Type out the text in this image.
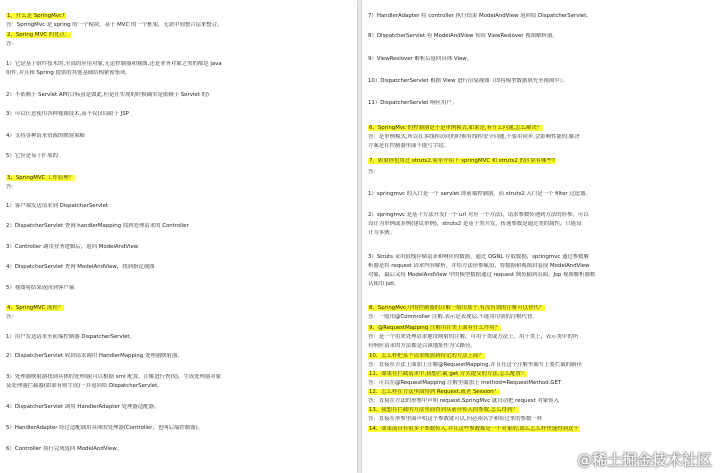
1、什么是 SpringMvc?
答：SpringMvc 是 spring 的一个模块，基于 MVC 的一个框架，无需中间整合层来整合。
2、Spring MVC 的优点：
答：
1）它是基于组件技术的,全部的应用对象,无论控制器和视图,还是业务对象之类的都是 java
组件,并且和 Spring 提供的其他基础结构紧密集成.
2）不依赖于 Servlet API(目标虽是如此,但是在实现的时候确实是依赖于 Servlet 的)
3）可以任意使用各种视图技术,而不仅仅局限于 JSP
4）支持各种请求资源的映射策略
5）它应是易于扩展的
3、SpringMVC 工作原理？
答：
1）客户端发送请求到 DispatcherServlet
2）DispatcherServlet 查询 handlerMapping 找到处理请求的 Controller
3）Controller 调用业务逻辑后，返回 ModelAndView
4）DispatcherServlet 查询 ModelAndView，找到指定视图
5）视图将结果返回到客户端
4、SpringMVC 流程？
答：
1）用户发送请求至前端控制器 DispatcherServlet。
2）DispatcherServlet 收到请求调用 HandlerMapping 处理器映射器。
3）处理器映射器找到具体的处理器(可以根据 xml 配置、注解进行查找)，生成处理器对象
及处理器拦截器(如果有则生成)一并返回给 DispatcherServlet。
4）DispatcherServlet 调用 HandlerAdapter 处理器适配器。
5）HandlerAdapter 经过适配调用具体的处理器(Controller，也叫后端控制器)。
6）Controller 执行完成返回 ModelAndView。
7）HandlerAdapter 将 controller 执行结果 ModelAndView 返回给 DispatcherServlet。
8）DispatcherServlet 将 ModelAndView 传给 ViewReslover 视图解析器。
9）ViewReslover 解析后返回具体 View。
10）DispatcherServlet 根据 View 进行渲染视图（即将模型数据填充至视图中）。
11）DispatcherServlet 响应用户。
6、SpringMvc 的控制器是不是单例模式,如果是,有什么问题,怎么解决？
答：是单例模式,所以在多线程访问的时候有线程安全问题,不要用同步,会影响性能的,解决
方案是在控制器里面不能写字段。
7、如果你也用过 struts2.简单介绍下 springMVC 和 struts2 的区别有哪些?
答：
1）springmvc 的入口是一个 servlet 即前端控制器，而 struts2 入口是一个 filter 过虑器。
2）springmvc 是基于方法开发(一个 url 对应一个方法)，请求参数传递到方法的形参，可以
设计为单例或多例(建议单例)，struts2 是基于类开发，传递参数是通过类的属性，只能设
计为多例。
3）Struts 采用值栈存储请求和响应的数据，通过 OGNL 存取数据，springmvc 通过参数解
析器是将 request 请求内容解析，并给方法形参赋值，将数据和视图封装成 ModelAndView
对象，最后又将 ModelAndView 中的模型数据通过 request 域传输到页面。Jsp 视图解析器默
认使用 jstl。
8、SpringMvc 中的控制器的注解一般用那个,有没有别的注解可以替代？
答：一般用@Conntroller 注解,表示是表现层,不能用用别的注解代替。
9、@RequestMapping 注解用在类上面有什么作用？
答：是一个用来处理请求地址映射的注解，可用于类或方法上。用于类上，表示类中的所
有响应请求的方法都是以该地址作为父路径。
10、怎么样把某个请求映射到特定的方法上面？
答：直接在方法上面加上注解@RequestMapping,并且在这个注解里面写上要拦截的路径
11、如果在拦截请求中,我想拦截 get 方式提交的方法,怎么配置？
答：可以在@RequestMapping 注解里面加上 method=RequestMethod.GET
12、怎么样在方法里面得到 Request,或者 Session？
答：直接在方法的形参中声明 request,SpringMvc 就自动把 request 对象传入
13、我想在拦截的方法里面得到从前台传入的参数,怎么得到？
答：直接在形参里面声明这个参数就可以,但必须名字和传过来的参数一样
14、如果前台有很多个参数传入,并且这些参数都是一个对象的,那么怎么样快速得到这个
@稀土掘金技术社区
